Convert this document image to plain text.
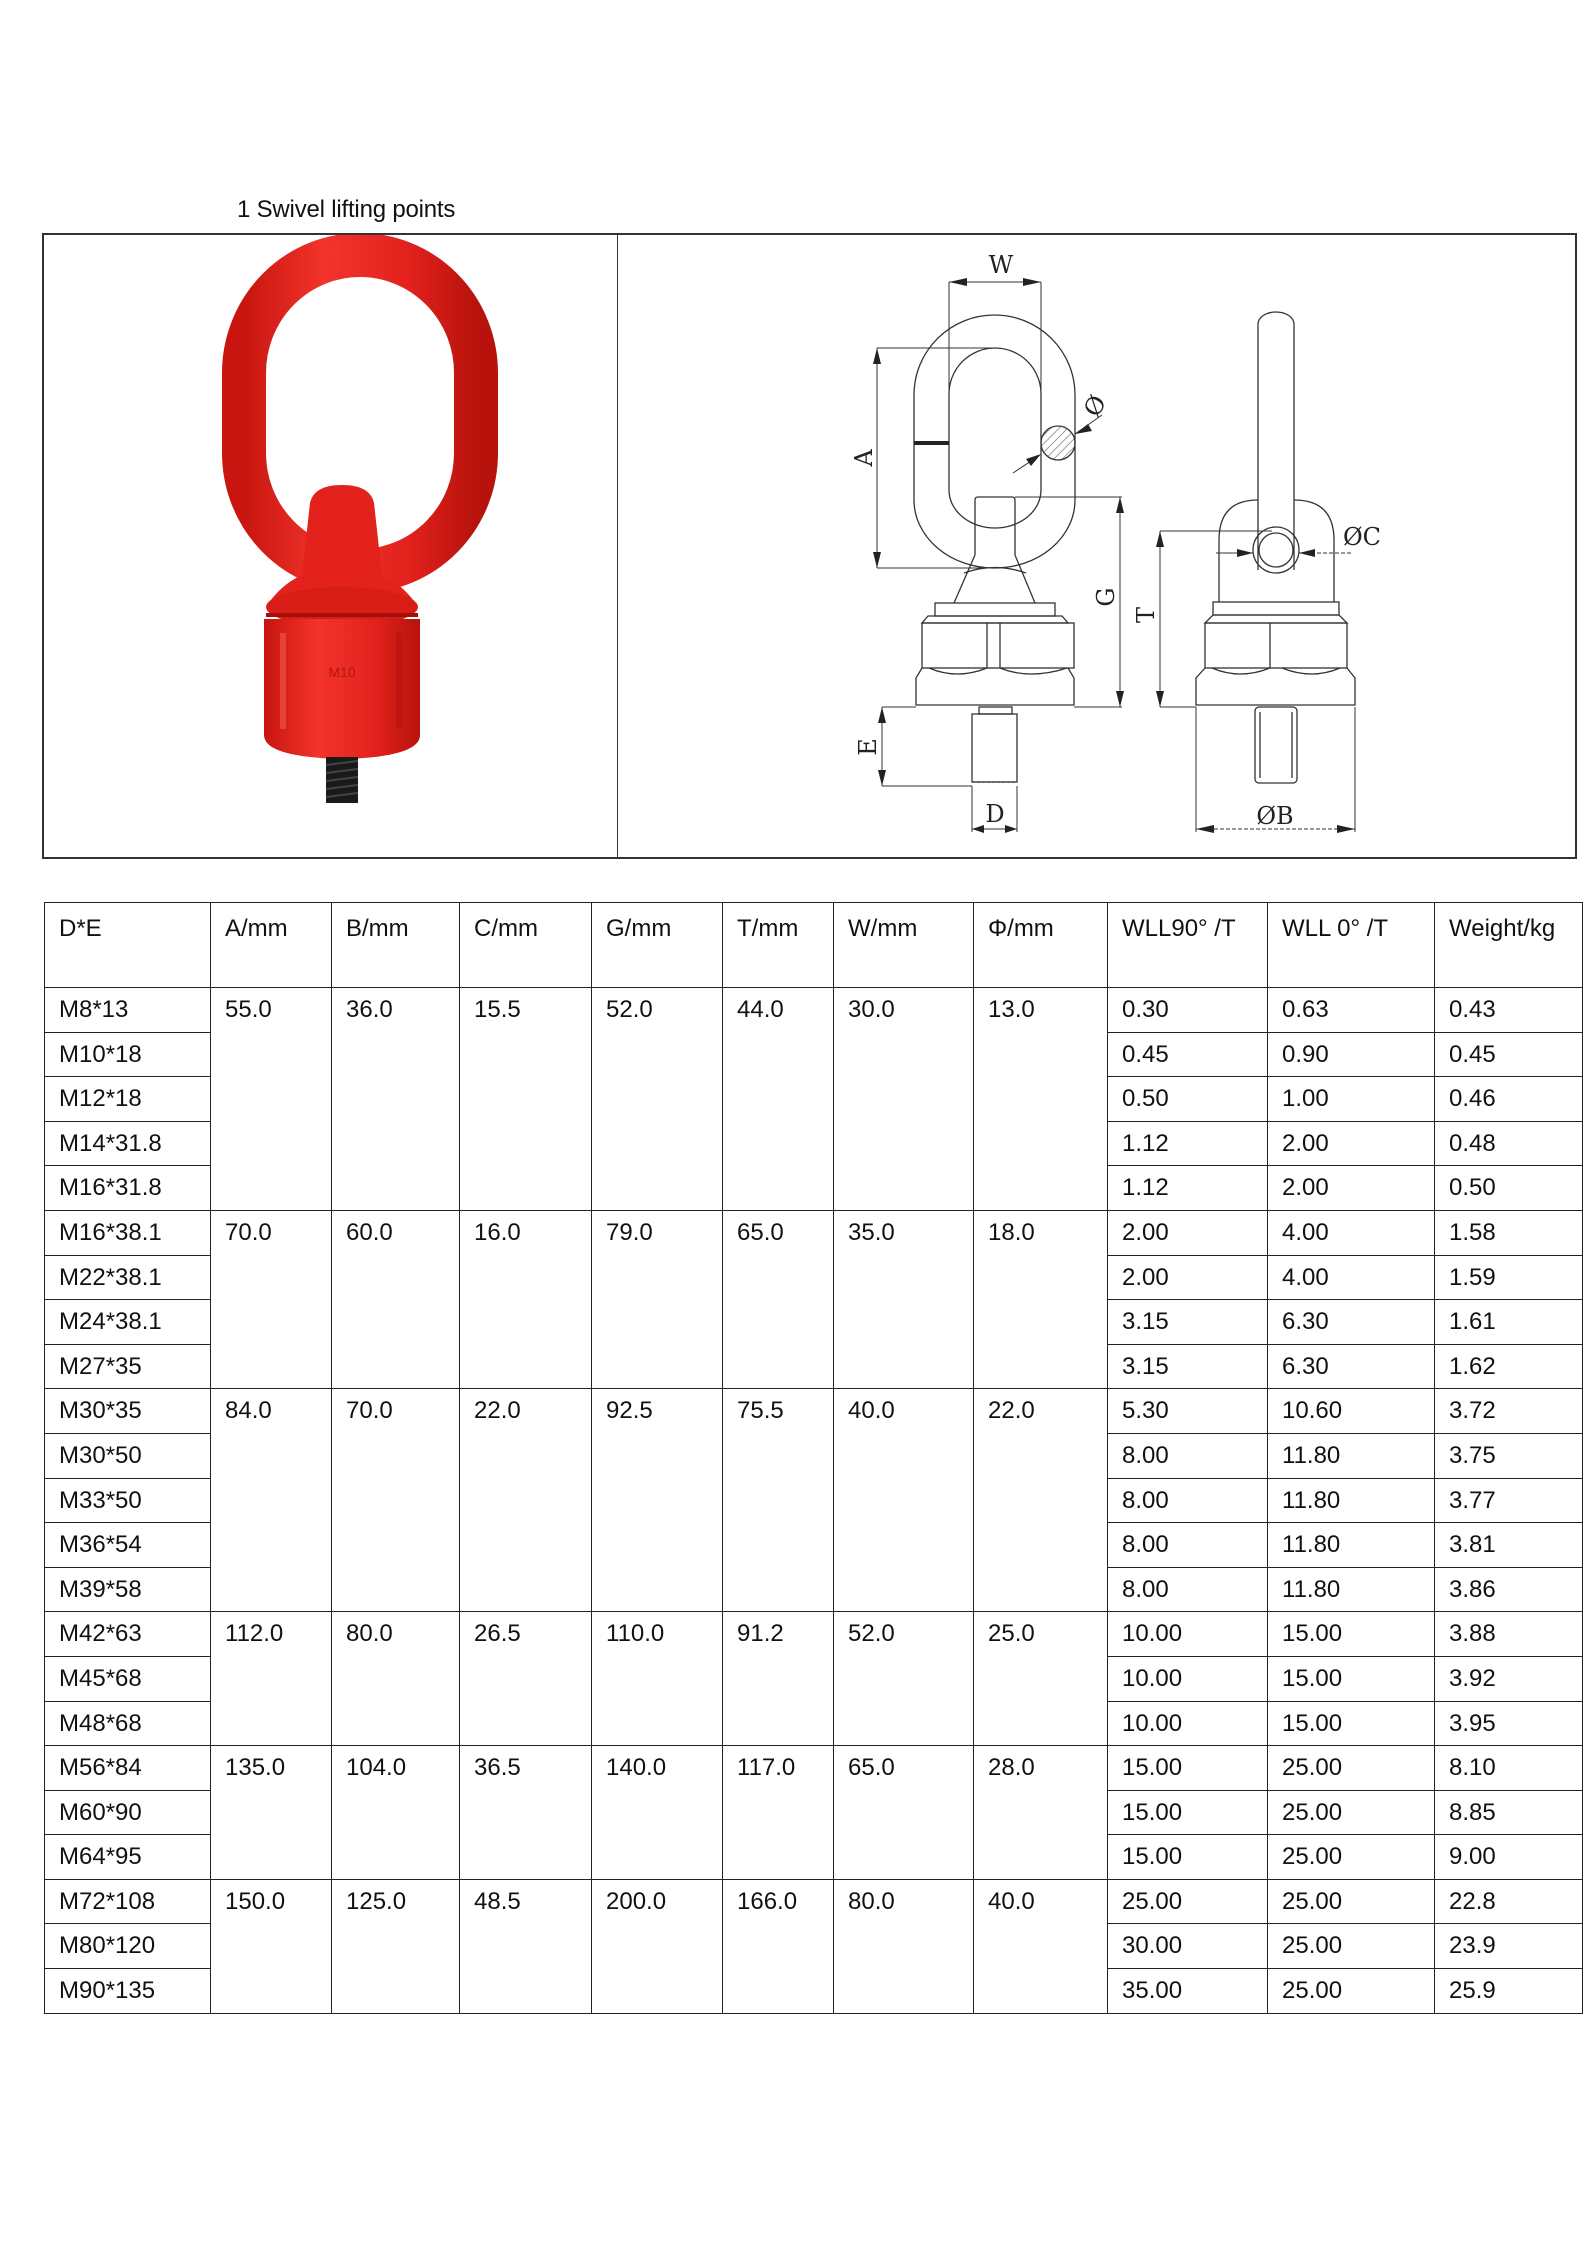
1 Swivel lifting points
M10
W
A
Ø
G
T
E
D
ØC
ØB
D*E	A/mm	B/mm	C/mm	G/mm	T/mm	W/mm	Φ/mm	WLL90° /T	WLL 0° /T	Weight/kg
M8*13	55.0	36.0	15.5	52.0	44.0	30.0	13.0	0.30	0.63	0.43
M10*18								0.45	0.90	0.45
M12*18								0.50	1.00	0.46
M14*31.8								1.12	2.00	0.48
M16*31.8								1.12	2.00	0.50
M16*38.1	70.0	60.0	16.0	79.0	65.0	35.0	18.0	2.00	4.00	1.58
M22*38.1								2.00	4.00	1.59
M24*38.1								3.15	6.30	1.61
M27*35								3.15	6.30	1.62
M30*35	84.0	70.0	22.0	92.5	75.5	40.0	22.0	5.30	10.60	3.72
M30*50								8.00	11.80	3.75
M33*50								8.00	11.80	3.77
M36*54								8.00	11.80	3.81
M39*58								8.00	11.80	3.86
M42*63	112.0	80.0	26.5	110.0	91.2	52.0	25.0	10.00	15.00	3.88
M45*68								10.00	15.00	3.92
M48*68								10.00	15.00	3.95
M56*84	135.0	104.0	36.5	140.0	117.0	65.0	28.0	15.00	25.00	8.10
M60*90								15.00	25.00	8.85
M64*95								15.00	25.00	9.00
M72*108	150.0	125.0	48.5	200.0	166.0	80.0	40.0	25.00	25.00	22.8
M80*120								30.00	25.00	23.9
M90*135								35.00	25.00	25.9
